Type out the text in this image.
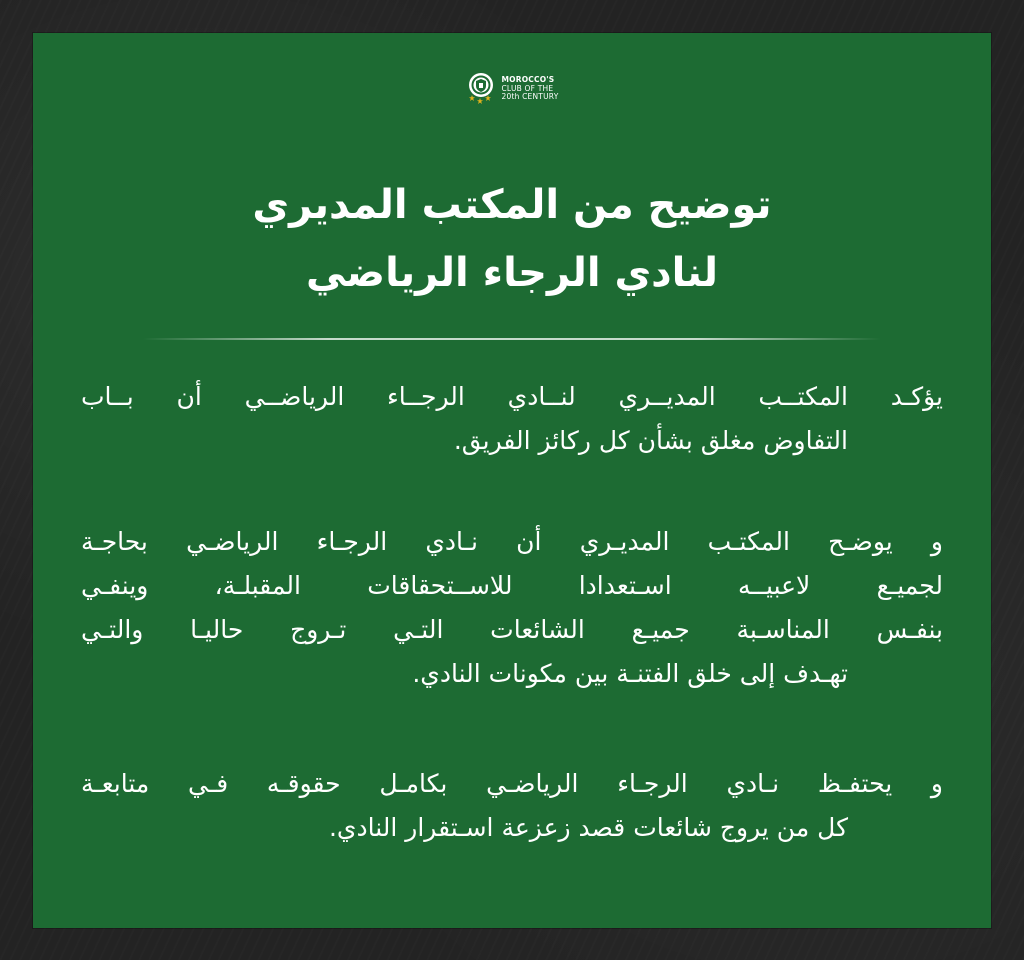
MOROCCO'S
CLUB OF THE
20th CENTURY
توضيح من المكتب المديري
لنادي الرجاء الرياضي
يؤكـد المكتــب المديــري لنــادي الرجــاء الرياضــي أن بــاب
التفاوض مغلق بشأن كل ركائز الفريق.
و يوضـح المكتـب المديـري أن نـادي الرجـاء الرياضـي بحاجـة
لجميـع لاعبيــه اسـتعدادا للاســتحقاقات المقبلـة، وينفـي
بنفـس المناسـبة جميـع الشائعات التـي تـروج حاليـا والتـي
تهـدف إلى خلق الفتنـة بين مكونات النادي.
و يحتفـظ نـادي الرجـاء الرياضـي بكامـل حقوقـه فـي متابعـة
كل من يروج شائعات قصد زعزعة اسـتقرار النادي.
